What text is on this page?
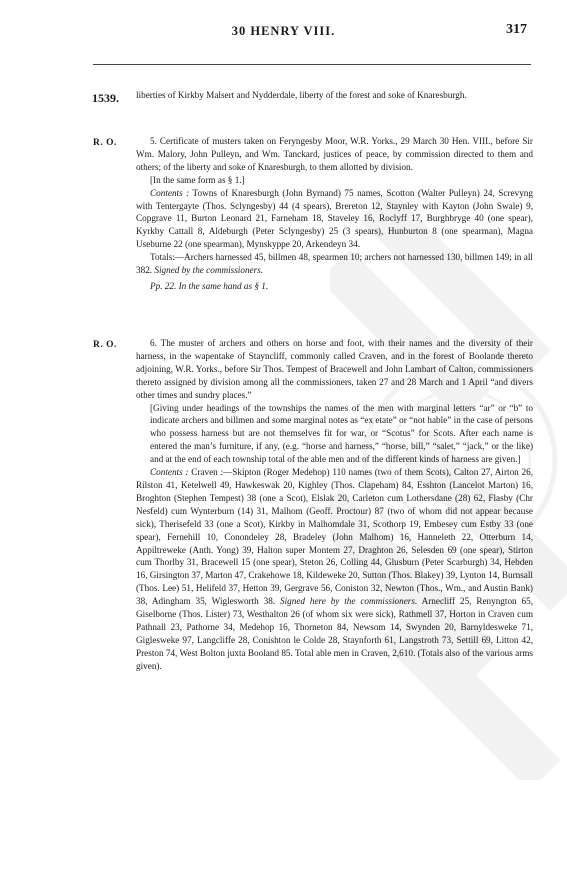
30 HENRY VIII.	317
1539. liberties of Kirkby Malsert and Nydderdale, liberty of the forest and soke of Knaresburgh.

R. O.	5. Certificate of musters taken on Feryngesby Moor, W.R. Yorks., 29 March 30 Hen. VIII., before Sir Wm. Malory, John Pulleyn, and Wm. Tanckard, justices of peace, by commission directed to them and others; of the liberty and soke of Knaresburgh, to them allotted by division.

[In the same form as § 1.]

Contents : Towns of Knaresburgh (John Byrnand) 75 names, Scotton (Walter Pulleyn) 24, Screvyng with Tentergayte (Thos. Sclyngesby) 44 (4 spears), Brereton 12, Staynley with Kayton (John Swale) 9, Copgrave 11, Burton Leonard 21, Farneham 18, Staveley 16, Roclyff 17, Burghbryge 40 (one spear), Kyrkby Cattall 8, Aldeburgh (Peter Sclyngesby) 25 (3 spears), Hunburton 8 (one spearman), Magna Useburne 22 (one spearman), Mynskyppe 20, Arkendeyn 34.

Totals:—Archers harnessed 45, billmen 48, spearmen 10; archers not harnessed 130, billmen 149; in all 382. Signed by the commissioners.

Pp. 22. In the same hand as § 1.

R. O.	6. The muster of archers and others on horse and foot, with their names and the diversity of their harness, in the wapentake of Stayncliff, commonly called Craven, and in the forest of Boolande thereto adjoining, W.R. Yorks., before Sir Thos. Tempest of Bracewell and John Lambart of Calton, commissioners thereto assigned by division among all the commissioners, taken 27 and 28 March and 1 April “and divers other times and sundry places.”

[Giving under headings of the townships the names of the men with marginal letters “ar” or “b” to indicate archers and billmen and some marginal notes as “ex etate” or “not hable” in the case of persons who possess harness but are not themselves fit for war, or “Scotus” for Scots. After each name is entered the man’s furniture, if any, (e.g. “horse and harness,” “horse, bill,” “salet,” “jack,” or the like) and at the end of each township total of the able men and of the different kinds of harness are given.]

Contents : Craven :—Skipton (Roger Medehop) 110 names (two of them Scots), Calton 27, Airton 26, Rilston 41, Ketelwell 49, Hawkeswak 20, Kighley (Thos. Clapeham) 84, Esshton (Lancelot Marton) 16, Broghton (Stephen Tempest) 38 (one a Scot), Elslak 20, Carleton cum Lothersdane (28) 62, Flasby (Chr Nesfeld) cum Wynterburn (14) 31, Malhom (Geoff. Proctour) 87 (two of whom did not appear because sick), Therisefeld 33 (one a Scot), Kirkby in Malhomdale 31, Scothorp 19, Embesey cum Estby 33 (one spear), Fernehill 10, Conondeley 28, Bradeley (John Malhom) 16, Hanneleth 22, Otterburn 14, Appiltreweke (Anth. Yong) 39, Halton super Montem 27, Draghton 26, Selesden 69 (one spear), Stirton cum Thorlby 31, Bracewell 15 (one spear), Steton 26, Colling 44, Glusburn (Peter Scarburgh) 34, Hebden 16, Girsington 37, Marton 47, Crakehowe 18, Kildeweke 20, Sutton (Thos. Blakey) 39, Lynton 14, Burnsall (Thos. Lee) 51, Helifeld 37, Hetton 39, Gergrave 56, Coniston 32, Newton (Thos., Wm., and Austin Bank) 38, Adingham 35, Wiglesworth 38. Signed here by the commissioners. Arnecliff 25, Renyngton 65, Giselborne (Thos. Lister) 73, Westhalton 26 (of whom six were sick), Rathmell 37, Horton in Craven cum Pathnall 23, Pathorne 34, Medehop 16, Thorneton 84, Newsom 14, Swynden 20, Barnyldesweke 71, Giglesweke 97, Langcliffe 28, Conishton le Colde 28, Staynforth 61, Langstroth 73, Settill 69, Litton 42, Preston 74, West Bolton juxta Booland 85. Total able men in Craven, 2,610. (Totals also of the various arms given).
